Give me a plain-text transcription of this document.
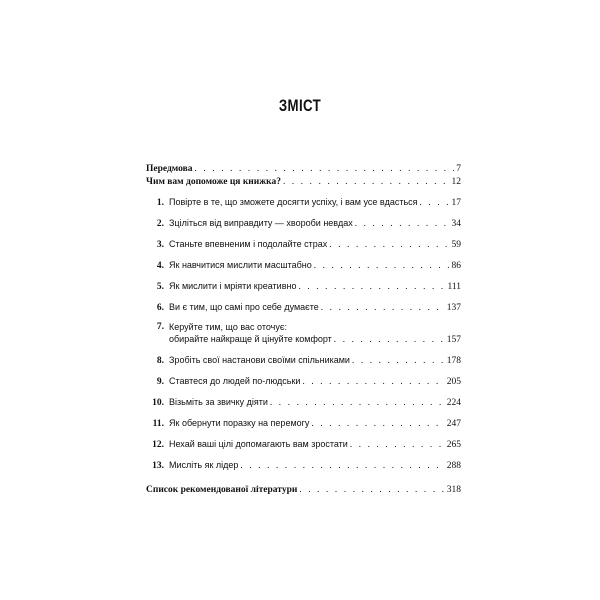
ЗМІСТ
Передмова . . .	7
Чим вам допоможе ця книжка? . . .	12
1. Повірте в те, що зможете досягти успіху, і вам усе вдасться . . .	17
2. Зціліться від виправдиту — хвороби невдах . . .	34
3. Станьте впевненим і подолайте страх . . .	59
4. Як навчитися мислити масштабно . . .	86
5. Як мислити і мріяти креативно . . .	111
6. Ви є тим, що самі про себе думаєте . . .	137
7. Керуйте тим, що вас оточує:
обирайте найкраще й цінуйте комфорт . . .	157
8. Зробіть свої настанови своїми спільниками . . .	178
9. Ставтеся до людей по-людськи . . .	205
10. Візьміть за звичку діяти . . .	224
11. Як обернути поразку на перемогу . . .	247
12. Нехай ваші цілі допомагають вам зростати . . .	265
13. Мисліть як лідер . . .	288
Список рекомендованої літератури . . .	318
